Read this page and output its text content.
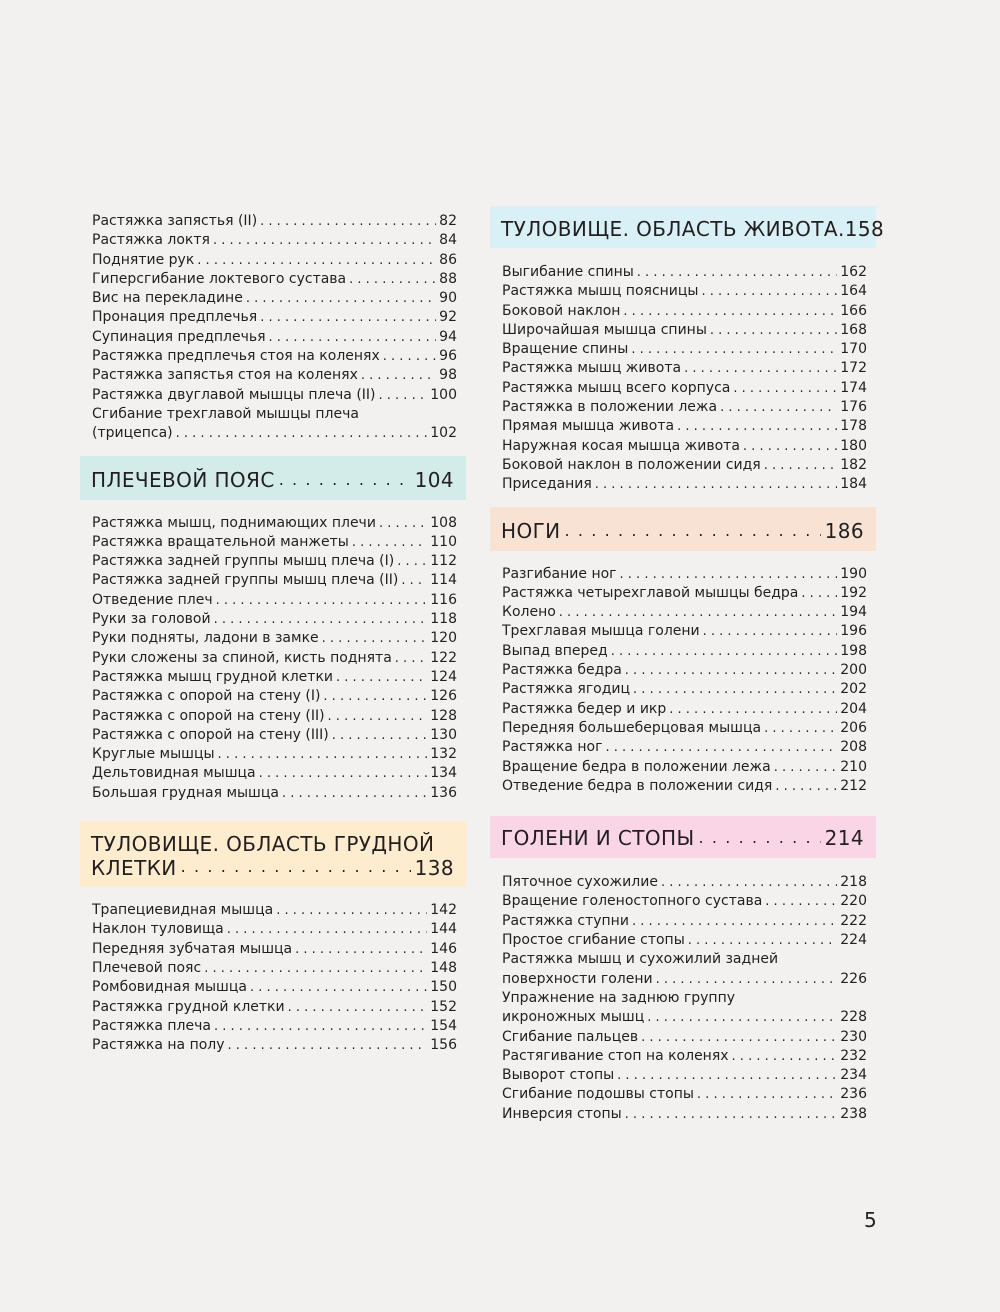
Растяжка запястья (II) . . .	82
Растяжка локтя . . .	84
Поднятие рук . . .	86
Гиперсгибание локтевого сустава . . .	88
Вис на перекладине . . .	90
Пронация предплечья . . .	92
Супинация предплечья . . .	94
Растяжка предплечья стоя на коленях . . .	96
Растяжка запястья стоя на коленях . . .	98
Растяжка двуглавой мышцы плеча (II) . . .	100
Сгибание трехглавой мышцы плеча
(трицепса) . . .	102
ПЛЕЧЕВОЙ ПОЯС . . .	104
Растяжка мышц, поднимающих плечи . . .	108
Растяжка вращательной манжеты . . .	110
Растяжка задней группы мышц плеча (I) . . .	112
Растяжка задней группы мышц плеча (II) . . . 114
Отведение плеч . . .	116
Руки за головой . . .	118
Руки подняты, ладони в замке . . .	120
Руки сложены за спиной, кисть поднята . . .	122
Растяжка мышц грудной клетки . . .	124
Растяжка с опорой на стену (I) . . .	126
Растяжка с опорой на стену (II) . . .	128
Растяжка с опорой на стену (III) . . .	130
Круглые мышцы . . .	132
Дельтовидная мышца . . .	134
Большая грудная мышца . . .	136
ТУЛОВИЩЕ. ОБЛАСТЬ ГРУДНОЙ
КЛЕТКИ . . .	138
Трапециевидная мышца . . .	142
Наклон туловища . . .	144
Передняя зубчатая мышца . . .	146
Плечевой пояс . . .	148
Ромбовидная мышца . . .	150
Растяжка грудной клетки . . .	152
Растяжка плеча . . .	154
Растяжка на полу . . .	156
ТУЛОВИЩЕ. ОБЛАСТЬ ЖИВОТА .158
Выгибание спины . . .	162
Растяжка мышц поясницы . . .	164
Боковой наклон . . .	166
Широчайшая мышца спины . . .	168
Вращение спины . . .	170
Растяжка мышц живота . . .	172
Растяжка мышц всего корпуса . . .	174
Растяжка в положении лежа . . .	176
Прямая мышца живота . . .	178
Наружная косая мышца живота . . .	180
Боковой наклон в положении сидя . . .	182
Приседания . . .	184
НОГИ . . .	186
Разгибание ног . . .	190
Растяжка четырехглавой мышцы бедра . . .	192
Колено . . .	194
Трехглавая мышца голени . . .	196
Выпад вперед . . .	198
Растяжка бедра . . .	200
Растяжка ягодиц . . .	202
Растяжка бедер и икр . . .	204
Передняя большеберцовая мышца . . .	206
Растяжка ног . . .	208
Вращение бедра в положении лежа . . .	210
Отведение бедра в положении сидя . . .	212
ГОЛЕНИ И СТОПЫ . . .	214
Пяточное сухожилие . . .	218
Вращение голеностопного сустава . . .	220
Растяжка ступни . . .	222
Простое сгибание стопы . . .	224
Растяжка мышц и сухожилий задней
поверхности голени . . .	226
Упражнение на заднюю группу
икроножных мышц . . .	228
Сгибание пальцев . . .	230
Растягивание стоп на коленях . . .	232
Выворот стопы . . .	234
Сгибание подошвы стопы . . .	236
Инверсия стопы . . .	238
5
